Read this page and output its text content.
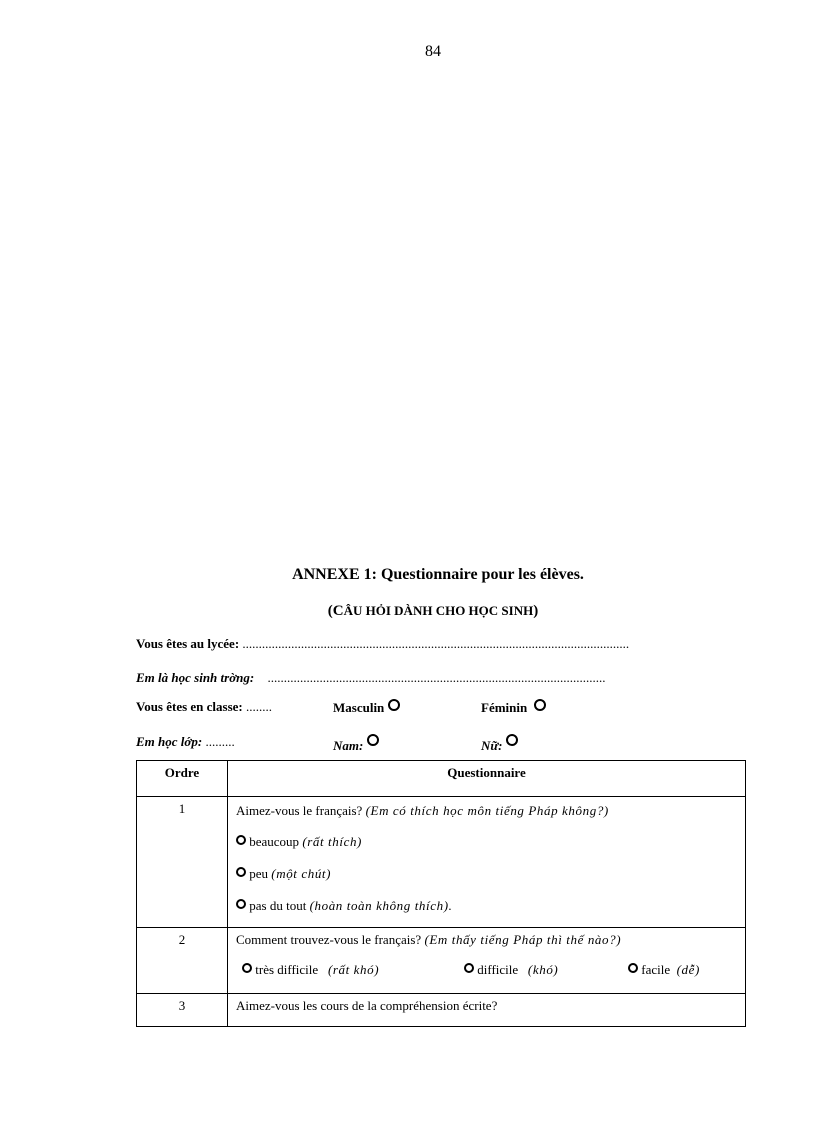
84
ANNEXE 1: Questionnaire pour les élèves.
(CÂU HỎI DÀNH CHO HỌC SINH)
Vous êtes au lycée: .......................................................................................................................
Em là học sinh trờng: ........................................................................................................
Vous êtes en classe: ........	Masculin	Féminin
Em học lớp: .........	Nam:	Nữ:
Ordre	Questionnaire
1	Aimez-vous le français? (Em có thích học môn tiếng Pháp không?)
beaucoup (rất thích)
peu (một chút)
pas du tout (hoàn toàn không thích).

2	Comment trouvez-vous le français? (Em thấy tiếng Pháp thì thế nào?)
très difficile (rất khó) difficile (khó) facile (dễ)

3	Aimez-vous les cours de la compréhension écrite?
